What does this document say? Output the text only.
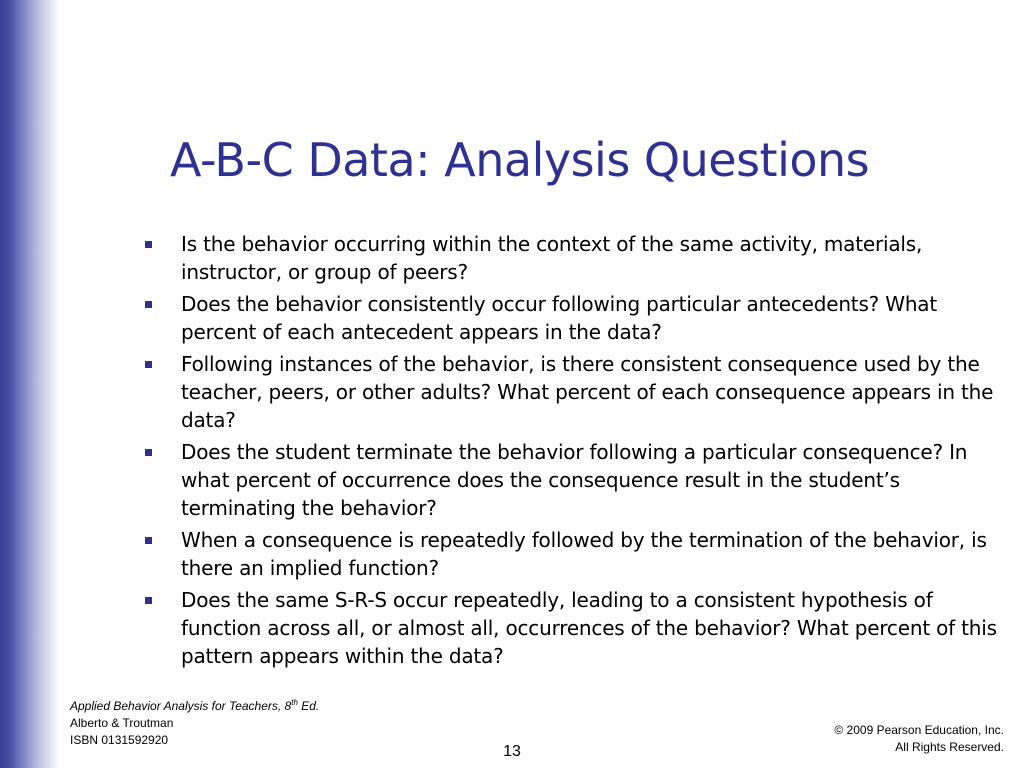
A-B-C Data: Analysis Questions
Is the behavior occurring within the context of the same activity, materials, instructor, or group of peers?
Does the behavior consistently occur following particular antecedents? What percent of each antecedent appears in the data?
Following instances of the behavior, is there consistent consequence used by the teacher, peers, or other adults? What percent of each consequence appears in the data?
Does the student terminate the behavior following a particular consequence? In what percent of occurrence does the consequence result in the student’s terminating the behavior?
When a consequence is repeatedly followed by the termination of the behavior, is there an implied function?
Does the same S-R-S occur repeatedly, leading to a consistent hypothesis of function across all, or almost all, occurrences of the behavior? What percent of this pattern appears within the data?
Applied Behavior Analysis for Teachers, 8th Ed.
Alberto & Troutman
ISBN 0131592920
13
© 2009 Pearson Education, Inc.
All Rights Reserved.
